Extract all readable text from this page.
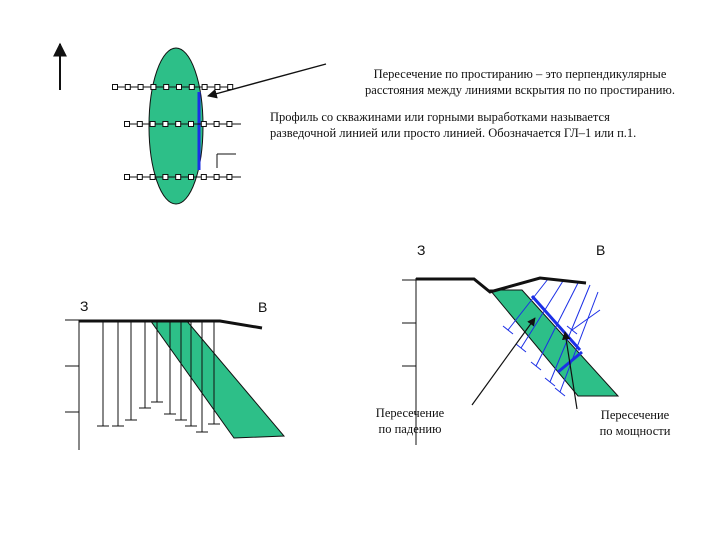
Пересечение по простиранию – это перпендикулярные
расстояния между линиями вскрытия по по простиранию.
Профиль со скважинами или горными выработками называется
разведочной линией или просто линией. Обозначается ГЛ–1 или п.1.
З	В
З	В
Пересечение
по падению
Пересечение
по мощности
